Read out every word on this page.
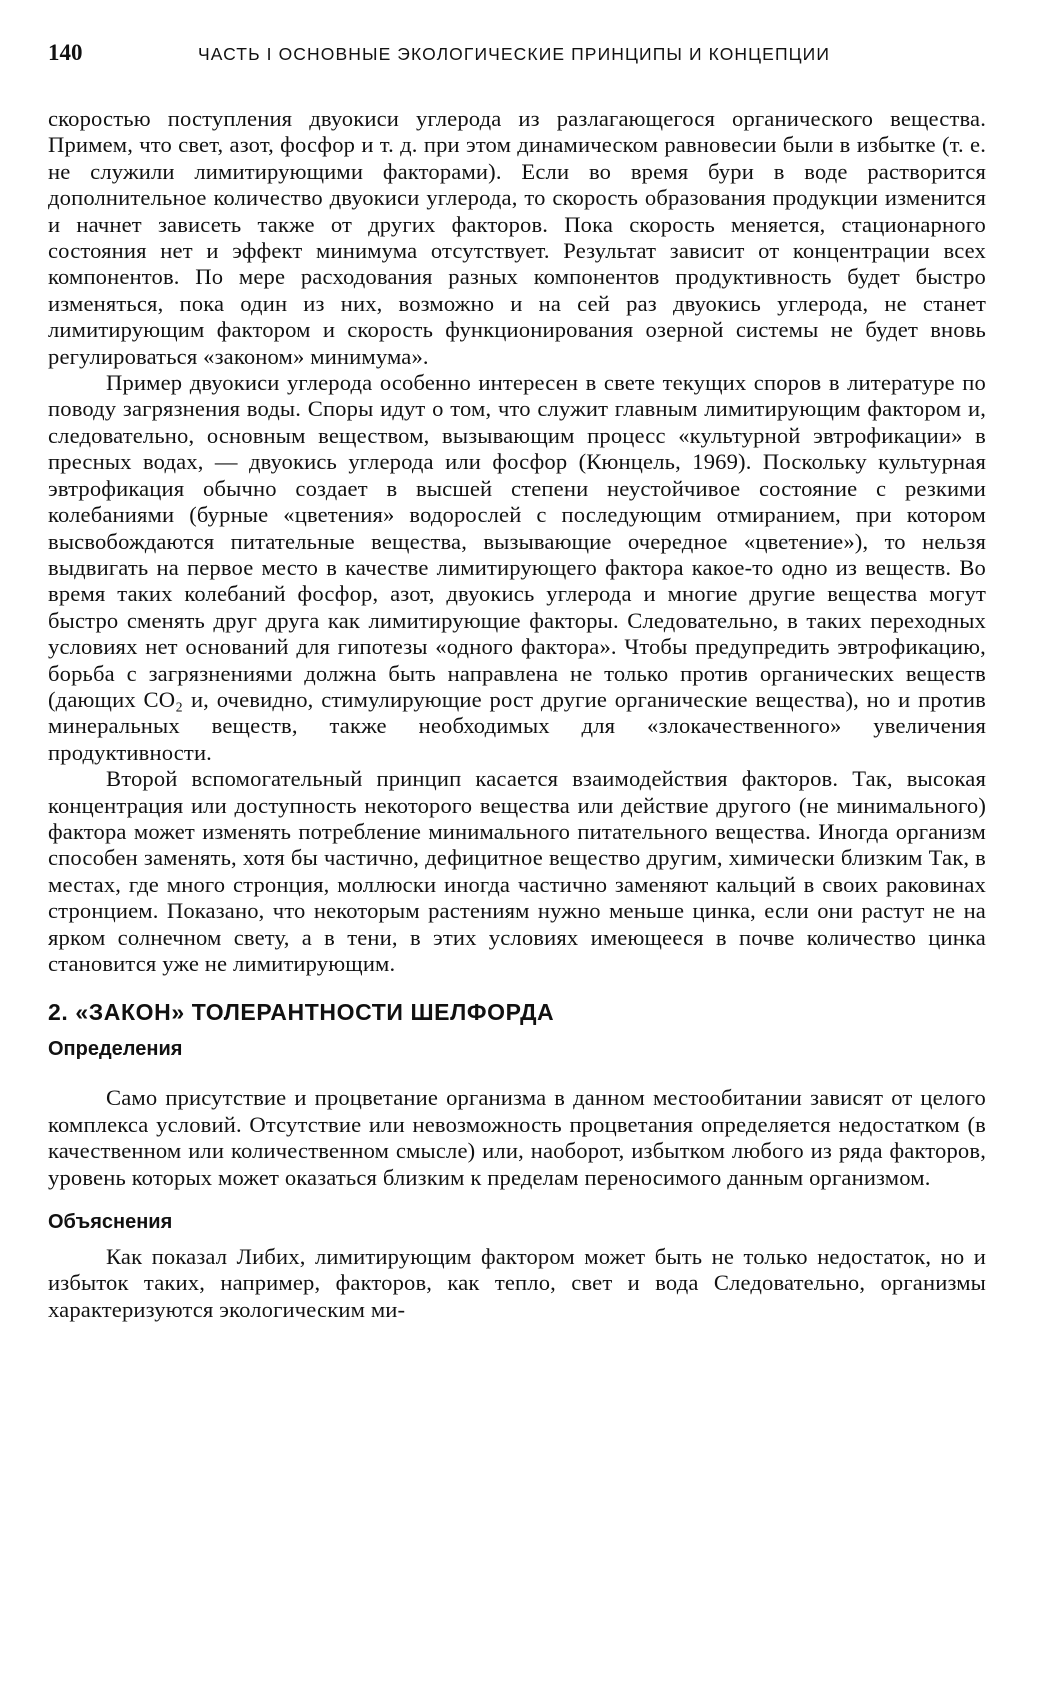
140	ЧАСТЬ I ОСНОВНЫЕ ЭКОЛОГИЧЕСКИЕ ПРИНЦИПЫ И КОНЦЕПЦИИ

скоростью поступления двуокиси углерода из разлагающегося органического вещества. Примем, что свет, азот, фосфор и т. д. при этом динамическом равновесии были в избытке (т. е. не служили лимитирующими факторами). Если во время бури в воде растворится дополнительное количество двуокиси углерода, то скорость образования продукции изменится и начнет зависеть также от других факторов. Пока скорость меняется, стационарного состояния нет и эффект минимума отсутствует. Результат зависит от концентрации всех компонентов. По мере расходования разных компонентов продуктивность будет быстро изменяться, пока один из них, возможно и на сей раз двуокись углерода, не станет лимитирующим фактором и скорость функционирования озерной системы не будет вновь регулироваться «законом» минимума».

Пример двуокиси углерода особенно интересен в свете текущих споров в литературе по поводу загрязнения воды. Споры идут о том, что служит главным лимитирующим фактором и, следовательно, основным веществом, вызывающим процесс «культурной эвтрофикации» в пресных водах, — двуокись углерода или фосфор (Кюнцель, 1969). Поскольку культурная эвтрофикация обычно создает в высшей степени неустойчивое состояние с резкими колебаниями (бурные «цветения» водорослей с последующим отмиранием, при котором высвобождаются питательные вещества, вызывающие очередное «цветение»), то нельзя выдвигать на первое место в качестве лимитирующего фактора какое-то одно из веществ. Во время таких колебаний фосфор, азот, двуокись углерода и многие другие вещества могут быстро сменять друг друга как лимитирующие факторы. Следовательно, в таких переходных условиях нет оснований для гипотезы «одного фактора». Чтобы предупредить эвтрофикацию, борьба с загрязнениями должна быть направлена не только против органических веществ (дающих CO₂ и, очевидно, стимулирующие рост другие органические вещества), но и против минеральных веществ, также необходимых для «злокачественного» увеличения продуктивности.

Второй вспомогательный принцип касается взаимодействия факторов. Так, высокая концентрация или доступность некоторого вещества или действие другого (не минимального) фактора может изменять потребление минимального питательного вещества. Иногда организм способен заменять, хотя бы частично, дефицитное вещество другим, химически близким Так, в местах, где много стронция, моллюски иногда частично заменяют кальций в своих раковинах стронцием. Показано, что некоторым растениям нужно меньше цинка, если они растут не на ярком солнечном свету, а в тени, в этих условиях имеющееся в почве количество цинка становится уже не лимитирующим.

2. «ЗАКОН» ТОЛЕРАНТНОСТИ ШЕЛФОРДА
Определения

Само присутствие и процветание организма в данном местообитании зависят от целого комплекса условий. Отсутствие или невозможность процветания определяется недостатком (в качественном или количественном смысле) или, наоборот, избытком любого из ряда факторов, уровень которых может оказаться близким к пределам переносимого данным организмом.

Объяснения

Как показал Либих, лимитирующим фактором может быть не только недостаток, но и избыток таких, например, факторов, как тепло, свет и вода Следовательно, организмы характеризуются экологическим ми-
